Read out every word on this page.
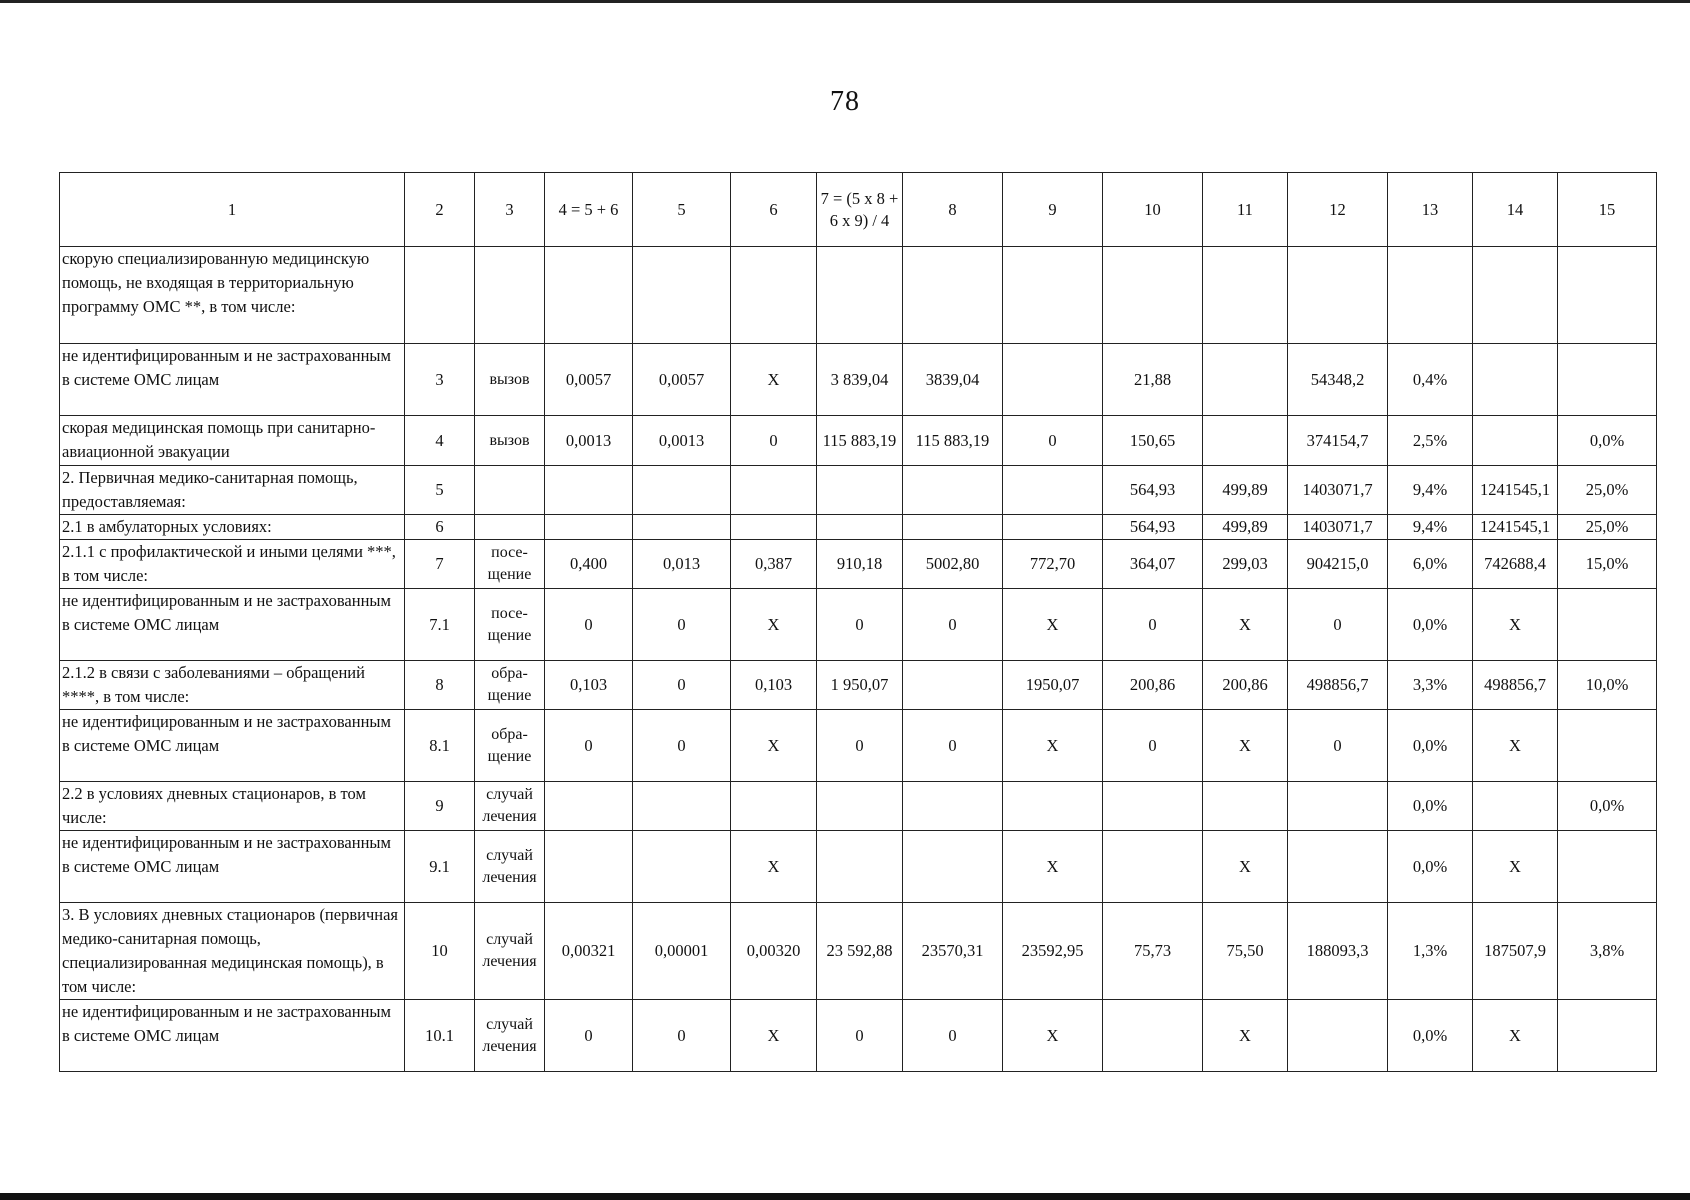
78
1	2	3	4 = 5 + 6	5	6	7 = (5 х 8 + 6 х 9) / 4	8	9	10	11	12	13	14	15
скорую специализированную медицинскую помощь, не входящая в территориальную программу ОМС **, в том числе:														
не идентифицированным и не застрахованным в системе ОМС лицам	3	вызов	0,0057	0,0057	Х	3 839,04	3839,04		21,88		54348,2	0,4%		
скорая медицинская помощь при санитарно-авиационной эвакуации	4	вызов	0,0013	0,0013	0	115 883,19	115 883,19	0	150,65		374154,7	2,5%		0,0%
2. Первичная медико-санитарная помощь, предоставляемая:	5								564,93	499,89	1403071,7	9,4%	1241545,1	25,0%
2.1 в амбулаторных условиях:	6								564,93	499,89	1403071,7	9,4%	1241545,1	25,0%
2.1.1 с профилактической и иными целями ***, в том числе:	7	посе-щение	0,400	0,013	0,387	910,18	5002,80	772,70	364,07	299,03	904215,0	6,0%	742688,4	15,0%
не идентифицированным и не застрахованным в системе ОМС лицам	7.1	посе-щение	0	0	Х	0	0	Х	0	Х	0	0,0%	Х	
2.1.2 в связи с заболеваниями – обращений ****, в том числе:	8	обра-щение	0,103	0	0,103	1 950,07		1950,07	200,86	200,86	498856,7	3,3%	498856,7	10,0%
не идентифицированным и не застрахованным в системе ОМС лицам	8.1	обра-щение	0	0	Х	0	0	Х	0	Х	0	0,0%	Х	
2.2 в условиях дневных стационаров, в том числе:	9	случай лечения										0,0%		0,0%
не идентифицированным и не застрахованным в системе ОМС лицам	9.1	случай лечения			Х			Х		Х		0,0%	Х	
3. В условиях дневных стационаров (первичная медико-санитарная помощь, специализированная медицинская помощь), в том числе:	10	случай лечения	0,00321	0,00001	0,00320	23 592,88	23570,31	23592,95	75,73	75,50	188093,3	1,3%	187507,9	3,8%
не идентифицированным и не застрахованным в системе ОМС лицам	10.1	случай лечения	0	0	Х	0	0	Х		Х		0,0%	Х	
